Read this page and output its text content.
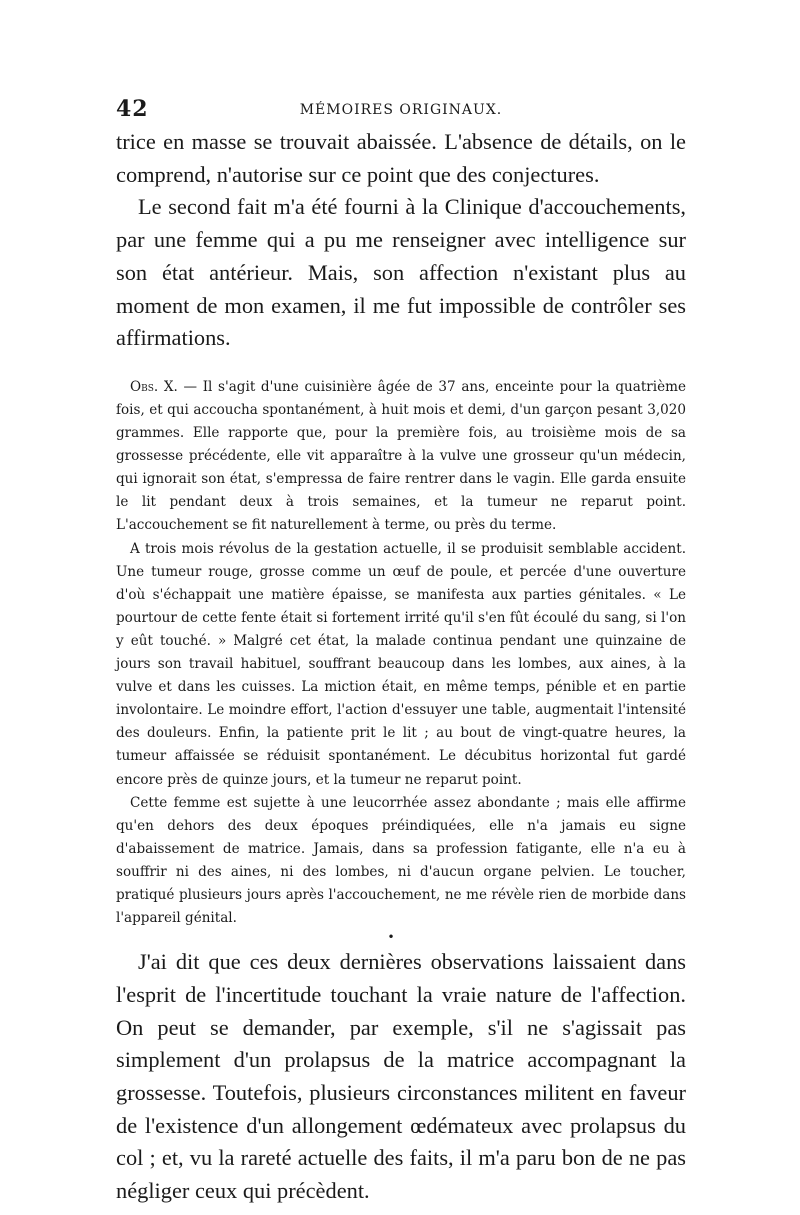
42	MÉMOIRES ORIGINAUX.

trice en masse se trouvait abaissée. L'absence de détails, on le comprend, n'autorise sur ce point que des conjectures.

Le second fait m'a été fourni à la Clinique d'accouchements, par une femme qui a pu me renseigner avec intelligence sur son état antérieur. Mais, son affection n'existant plus au moment de mon examen, il me fut impossible de contrôler ses affirmations.

Obs. X. — Il s'agit d'une cuisinière âgée de 37 ans, enceinte pour la quatrième fois, et qui accoucha spontanément, à huit mois et demi, d'un garçon pesant 3,020 grammes. Elle rapporte que, pour la première fois, au troisième mois de sa grossesse précédente, elle vit apparaître à la vulve une grosseur qu'un médecin, qui ignorait son état, s'empressa de faire rentrer dans le vagin. Elle garda ensuite le lit pendant deux à trois semaines, et la tumeur ne reparut point. L'accouchement se fit naturellement à terme, ou près du terme.

A trois mois révolus de la gestation actuelle, il se produisit semblable accident. Une tumeur rouge, grosse comme un œuf de poule, et percée d'une ouverture d'où s'échappait une matière épaisse, se manifesta aux parties génitales. « Le pourtour de cette fente était si fortement irrité qu'il s'en fût écoulé du sang, si l'on y eût touché. » Malgré cet état, la malade continua pendant une quinzaine de jours son travail habituel, souffrant beaucoup dans les lombes, aux aines, à la vulve et dans les cuisses. La miction était, en même temps, pénible et en partie involontaire. Le moindre effort, l'action d'essuyer une table, augmentait l'intensité des douleurs. Enfin, la patiente prit le lit ; au bout de vingt-quatre heures, la tumeur affaissée se réduisit spontanément. Le décubitus horizontal fut gardé encore près de quinze jours, et la tumeur ne reparut point.

Cette femme est sujette à une leucorrhée assez abondante ; mais elle affirme qu'en dehors des deux époques préindiquées, elle n'a jamais eu signe d'abaissement de matrice. Jamais, dans sa profession fatigante, elle n'a eu à souffrir ni des aines, ni des lombes, ni d'aucun organe pelvien. Le toucher, pratiqué plusieurs jours après l'accouchement, ne me révèle rien de morbide dans l'appareil génital.

•

J'ai dit que ces deux dernières observations laissaient dans l'esprit de l'incertitude touchant la vraie nature de l'affection. On peut se demander, par exemple, s'il ne s'agissait pas simplement d'un prolapsus de la matrice accompagnant la grossesse. Toutefois, plusieurs circonstances militent en faveur de l'existence d'un allongement œdémateux avec prolapsus du col ; et, vu la rareté actuelle des faits, il m'a paru bon de ne pas négliger ceux qui précèdent.
